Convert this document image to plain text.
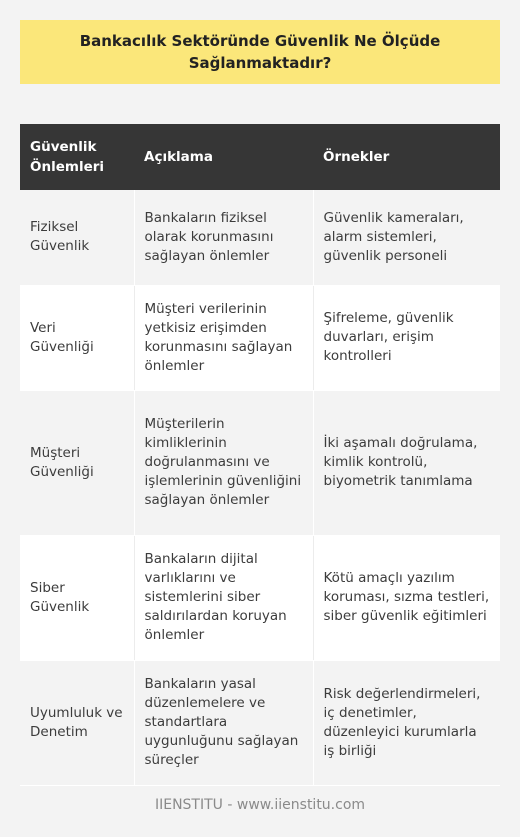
Bankacılık Sektöründe Güvenlik Ne Ölçüde Sağlanmaktadır?
Güvenlik Önlemleri	Açıklama	Örnekler
Fiziksel Güvenlik	Bankaların fiziksel olarak korunmasını sağlayan önlemler	Güvenlik kameraları, alarm sistemleri, güvenlik personeli
Veri Güvenliği	Müşteri verilerinin yetkisiz erişimden korunmasını sağlayan önlemler	Şifreleme, güvenlik duvarları, erişim kontrolleri
Müşteri Güvenliği	Müşterilerin kimliklerinin doğrulanmasını ve işlemlerinin güvenliğini sağlayan önlemler	İki aşamalı doğrulama, kimlik kontrolü, biyometrik tanımlama
Siber Güvenlik	Bankaların dijital varlıklarını ve sistemlerini siber saldırılardan koruyan önlemler	Kötü amaçlı yazılım koruması, sızma testleri, siber güvenlik eğitimleri
Uyumluluk ve Denetim	Bankaların yasal düzenlemelere ve standartlara uygunluğunu sağlayan süreçler	Risk değerlendirmeleri, iç denetimler, düzenleyici kurumlarla iş birliği
IIENSTITU - www.iienstitu.com
